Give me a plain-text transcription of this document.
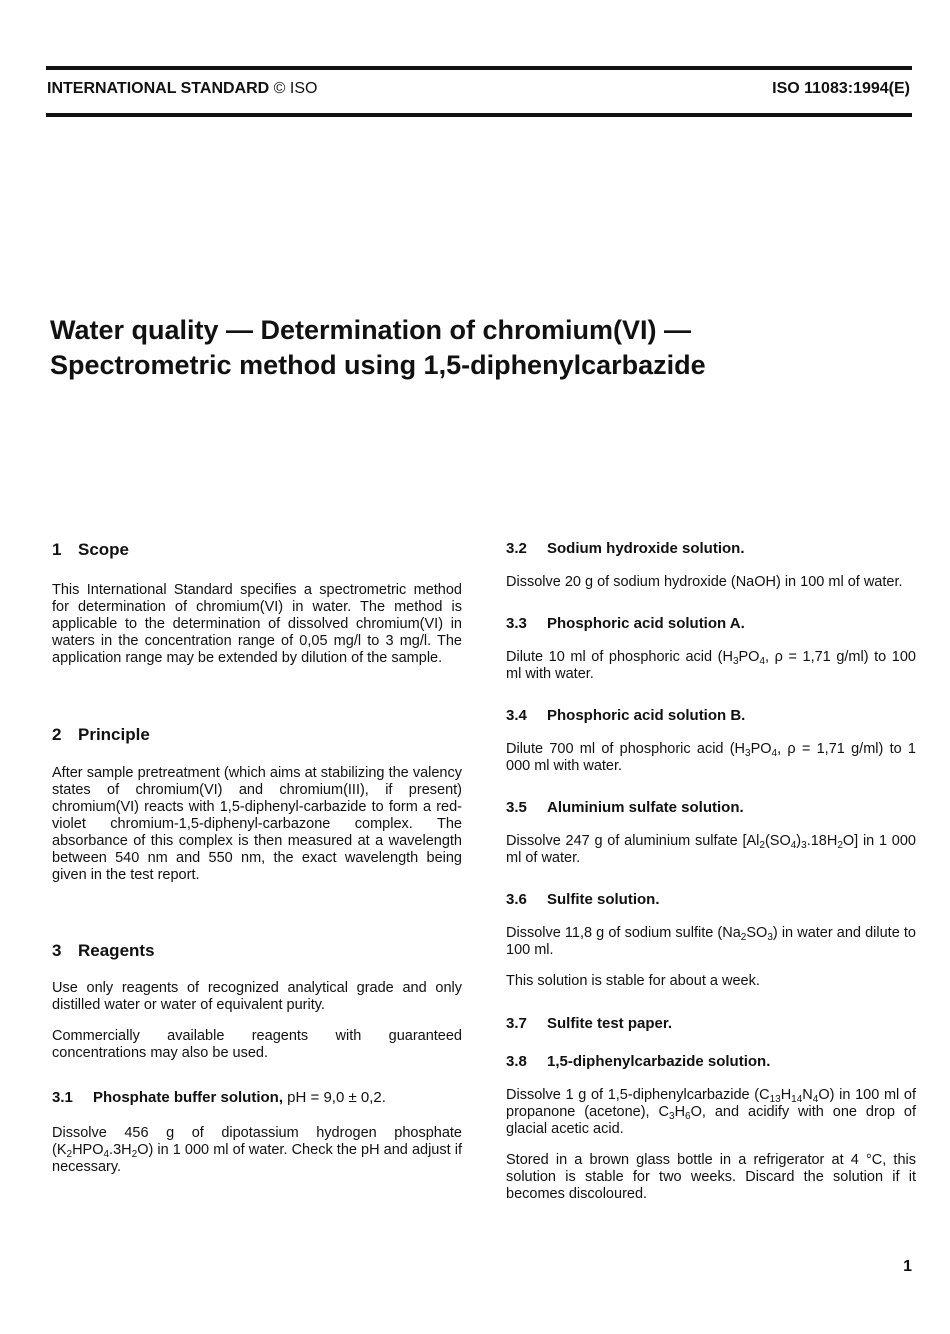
INTERNATIONAL STANDARD © ISO	ISO 11083:1994(E)
Water quality — Determination of chromium(VI) —
Spectrometric method using 1,5-diphenylcarbazide
1 Scope

This International Standard specifies a spectrometric method for determination of chromium(VI) in water. The method is applicable to the determination of dissolved chromium(VI) in waters in the concentration range of 0,05 mg/l to 3 mg/l. The application range may be extended by dilution of the sample.

2 Principle

After sample pretreatment (which aims at stabilizing the valency states of chromium(VI) and chromium(III), if present) chromium(VI) reacts with 1,5-diphenyl-carbazide to form a red-violet chromium-1,5-diphenyl-carbazone complex. The absorbance of this complex is then measured at a wavelength between 540 nm and 550 nm, the exact wavelength being given in the test report.

3 Reagents

Use only reagents of recognized analytical grade and only distilled water or water of equivalent purity.

Commercially available reagents with guaranteed concentrations may also be used.

3.1 Phosphate buffer solution, pH = 9,0 ± 0,2.

Dissolve 456 g of dipotassium hydrogen phosphate $(K_2HPO_4.3H_2O)$ in 1 000 ml of water. Check the pH and adjust if necessary.

3.2 Sodium hydroxide solution.

Dissolve 20 g of sodium hydroxide (NaOH) in 100 ml of water.

3.3 Phosphoric acid solution A.

Dilute 10 ml of phosphoric acid ($H_3PO_4$, ρ = 1,71 g/ml) to 100 ml with water.

3.4 Phosphoric acid solution B.

Dilute 700 ml of phosphoric acid ($H_3PO_4$, ρ = 1,71 g/ml) to 1 000 ml with water.

3.5 Aluminium sulfate solution.

Dissolve 247 g of aluminium sulfate $[Al_2(SO_4)_3.18H_2O]$ in 1 000 ml of water.

3.6 Sulfite solution.

Dissolve 11,8 g of sodium sulfite $(Na_2SO_3)$ in water and dilute to 100 ml.

This solution is stable for about a week.

3.7 Sulfite test paper.
3.8 1,5-diphenylcarbazide solution.

Dissolve 1 g of 1,5-diphenylcarbazide $(C_{13}H_{14}N_4O)$ in 100 ml of propanone (acetone), $C_3H_6O$, and acidify with one drop of glacial acetic acid.

Stored in a brown glass bottle in a refrigerator at 4 °C, this solution is stable for two weeks. Discard the solution if it becomes discoloured.

1
